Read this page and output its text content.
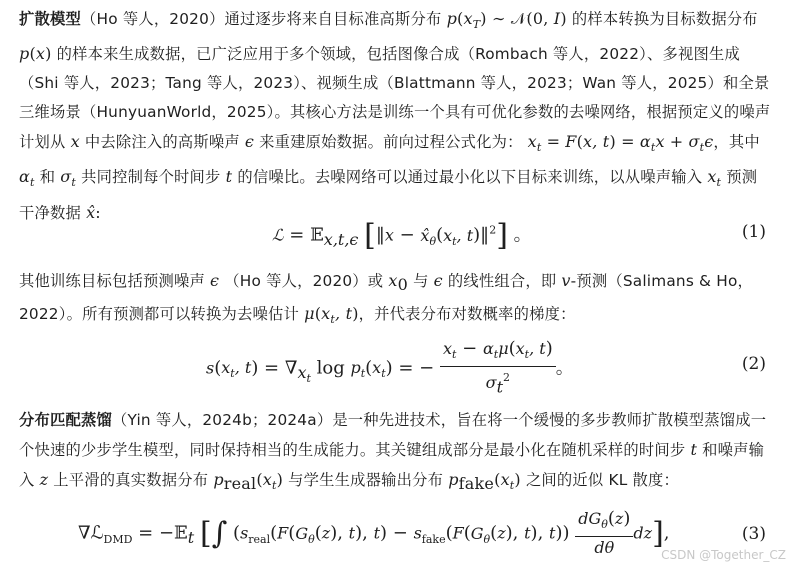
扩散模型（Ho 等人，2020）通过逐步将来自目标准高斯分布 $p(x_T)$ ∼ 𝒩(0, I) 的样本转换为目标数据分布 p(x) 的样本来生成数据，已广泛应用于多个领域，包括图像合成（Rombach 等人，2022）、多视图生成（Shi 等人，2023；Tang 等人，2023）、视频生成（Blattmann 等人，2023；Wan 等人，2025）和全景三维场景（HunyuanWorld，2025）。其核心方法是训练一个具有可优化参数的去噪网络，根据预定义的噪声计划从 x 中去除注入的高斯噪声 ϵ 来重建原始数据。前向过程公式化为： $x_t = F(x$, $t) = \alpha_tx + \sigma_t\epsilon$，其中 $\alpha_t$ 和 $\sigma_t$ 共同控制每个时间步 t 的信噪比。去噪网络可以通过最小化以下目标来训练，以从噪声输入 $x_t$ 预测干净数据 x̂:
ℒ = 𝔼$_{x,t,\epsilon}$ [‖x − $x̂_\theta(x_t$, t)‖$^2$] 。	(1)
其他训练目标包括预测噪声 ϵ （Ho 等人，2020）或 $x_0$ 与 ϵ 的线性组合，即 v-预测（Salimans & Ho，2022）。所有预测都可以转换为去噪估计 $\mu(x_t$, t)，并代表分布对数概率的梯度：
$s(x_t$, $t) = \nabla_{x_t}$ $\log p_t(x_t)$ = − $\frac{x_t - \alpha_t\mu(x_t, t)}{\sigma_t^2}$ 。	(2)
分布匹配蒸馏（Yin 等人，2024b；2024a）是一种先进技术，旨在将一个缓慢的多步教师扩散模型蒸馏成一个快速的少步学生模型，同时保持相当的生成能力。其关键组成部分是最小化在随机采样的时间步 t 和噪声输入 z 上平滑的真实数据分布 $p_{real}(x_t)$ 与学生生成器输出分布 $p_{fake}(x_t)$ 之间的近似 KL 散度：
∇ℒ$_{DMD}$ = −𝔼$_t$ [∫ ($s_{real}(F(G_\theta(z)$, t), $t) - s_{fake}(F(G_\theta(z)$, t), $t)) \frac{dG_\theta(z)}{d\theta} dz$],	(3)
CSDN @Together_CZ
